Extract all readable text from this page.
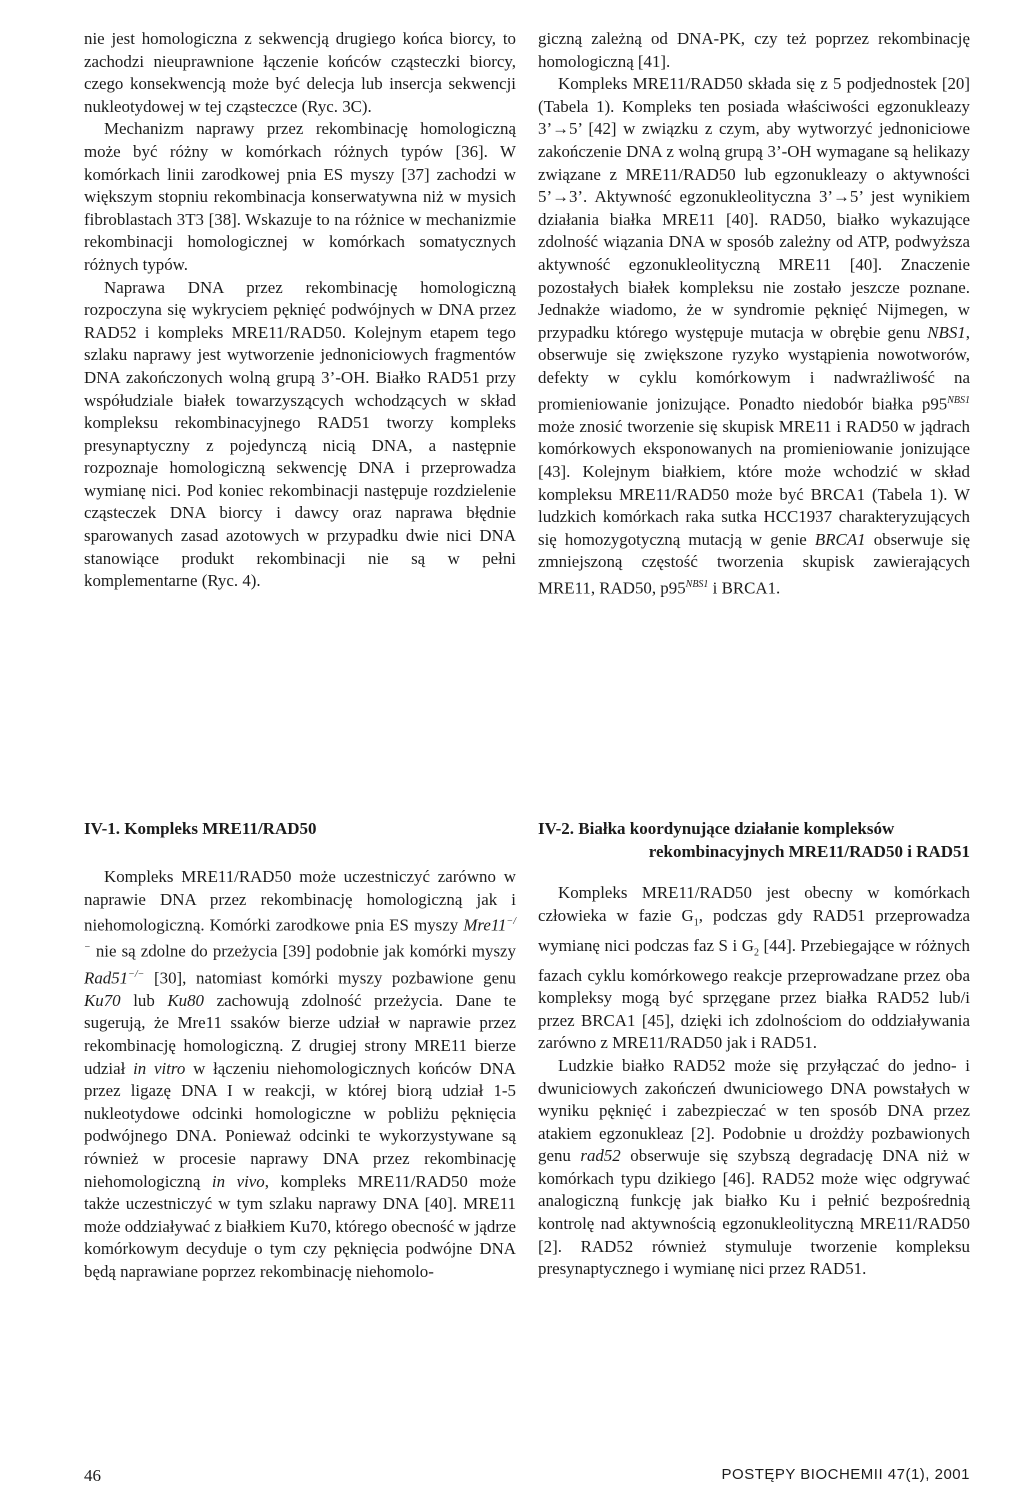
nie jest homologiczna z sekwencją drugiego końca biorcy, to zachodzi nieuprawnione łączenie końców cząsteczki biorcy, czego konsekwencją może być delecja lub insercja sekwencji nukleotydowej w tej cząsteczce (Ryc. 3C).

Mechanizm naprawy przez rekombinację homologiczną może być różny w komórkach różnych typów [36]. W komórkach linii zarodkowej pnia ES myszy [37] zachodzi w większym stopniu rekombinacja konserwatywna niż w mysich fibroblastach 3T3 [38]. Wskazuje to na różnice w mechanizmie rekombinacji homologicznej w komórkach somatycznych różnych typów.

Naprawa DNA przez rekombinację homologiczną rozpoczyna się wykryciem pęknięć podwójnych w DNA przez RAD52 i kompleks MRE11/RAD50. Kolejnym etapem tego szlaku naprawy jest wytworzenie jednoniciowych fragmentów DNA zakończonych wolną grupą 3’-OH. Białko RAD51 przy współudziale białek towarzyszących wchodzących w skład kompleksu rekombinacyjnego RAD51 tworzy kompleks presynaptyczny z pojedynczą nicią DNA, a następnie rozpoznaje homologiczną sekwencję DNA i przeprowadza wymianę nici. Pod koniec rekombinacji następuje rozdzielenie cząsteczek DNA biorcy i dawcy oraz naprawa błędnie sparowanych zasad azotowych w przypadku dwie nici DNA stanowiące produkt rekombinacji nie są w pełni komplementarne (Ryc. 4).

IV-1. Kompleks MRE11/RAD50

Kompleks MRE11/RAD50 może uczestniczyć zarówno w naprawie DNA przez rekombinację homologiczną jak i niehomologiczną. Komórki zarodkowe pnia ES myszy Mre11−/− nie są zdolne do przeżycia [39] podobnie jak komórki myszy Rad51−/− [30], natomiast komórki myszy pozbawione genu Ku70 lub Ku80 zachowują zdolność przeżycia. Dane te sugerują, że Mre11 ssaków bierze udział w naprawie przez rekombinację homologiczną. Z drugiej strony MRE11 bierze udział in vitro w łączeniu niehomologicznych końców DNA przez ligazę DNA I w reakcji, w której biorą udział 1-5 nukleotydowe odcinki homologiczne w pobliżu pęknięcia podwójnego DNA. Ponieważ odcinki te wykorzystywane są również w procesie naprawy DNA przez rekombinację niehomologiczną in vivo, kompleks MRE11/RAD50 może także uczestniczyć w tym szlaku naprawy DNA [40]. MRE11 może oddziaływać z białkiem Ku70, którego obecność w jądrze komórkowym decyduje o tym czy pęknięcia podwójne DNA będą naprawiane poprzez rekombinację niehomolo-

giczną zależną od DNA-PK, czy też poprzez rekombinację homologiczną [41].

Kompleks MRE11/RAD50 składa się z 5 podjednostek [20] (Tabela 1). Kompleks ten posiada właściwości egzonukleazy 3’→5’ [42] w związku z czym, aby wytworzyć jednoniciowe zakończenie DNA z wolną grupą 3’-OH wymagane są helikazy związane z MRE11/RAD50 lub egzonukleazy o aktywności 5’→3’. Aktywność egzonukleolityczna 3’→5’ jest wynikiem działania białka MRE11 [40]. RAD50, białko wykazujące zdolność wiązania DNA w sposób zależny od ATP, podwyższa aktywność egzonukleolityczną MRE11 [40]. Znaczenie pozostałych białek kompleksu nie zostało jeszcze poznane. Jednakże wiadomo, że w syndromie pęknięć Nijmegen, w przypadku którego występuje mutacja w obrębie genu NBS1, obserwuje się zwiększone ryzyko wystąpienia nowotworów, defekty w cyklu komórkowym i nadwrażliwość na promieniowanie jonizujące. Ponadto niedobór białka $p95^{NBS1}$ może znosić tworzenie się skupisk MRE11 i RAD50 w jądrach komórkowych eksponowanych na promieniowanie jonizujące [43]. Kolejnym białkiem, które może wchodzić w skład kompleksu MRE11/RAD50 może być BRCA1 (Tabela 1). W ludzkich komórkach raka sutka HCC1937 charakteryzujących się homozygotyczną mutacją w genie BRCA1 obserwuje się zmniejszoną częstość tworzenia skupisk zawierających MRE11, RAD50, $p95^{NBS1}$ i BRCA1.

IV-2. Białka koordynujące działanie kompleksów
rekombinacyjnych MRE11/RAD50 i RAD51

Kompleks MRE11/RAD50 jest obecny w komórkach człowieka w fazie $G_1$, podczas gdy RAD51 przeprowadza wymianę nici podczas faz S i $G_2$ [44]. Przebiegające w różnych fazach cyklu komórkowego reakcje przeprowadzane przez oba kompleksy mogą być sprzęgane przez białka RAD52 lub/i przez BRCA1 [45], dzięki ich zdolnościom do oddziaływania zarówno z MRE11/RAD50 jak i RAD51.

Ludzkie białko RAD52 może się przyłączać do jedno- i dwuniciowych zakończeń dwuniciowego DNA powstałych w wyniku pęknięć i zabezpieczać w ten sposób DNA przez atakiem egzonukleaz [2]. Podobnie u drożdży pozbawionych genu rad52 obserwuje się szybszą degradację DNA niż w komórkach typu dzikiego [46]. RAD52 może więc odgrywać analogiczną funkcję jak białko Ku i pełnić bezpośrednią kontrolę nad aktywnością egzonukleolityczną MRE11/RAD50 [2]. RAD52 również stymuluje tworzenie kompleksu presynaptycznego i wymianę nici przez RAD51.

46	POSTĘPY BIOCHEMII 47(1), 2001
